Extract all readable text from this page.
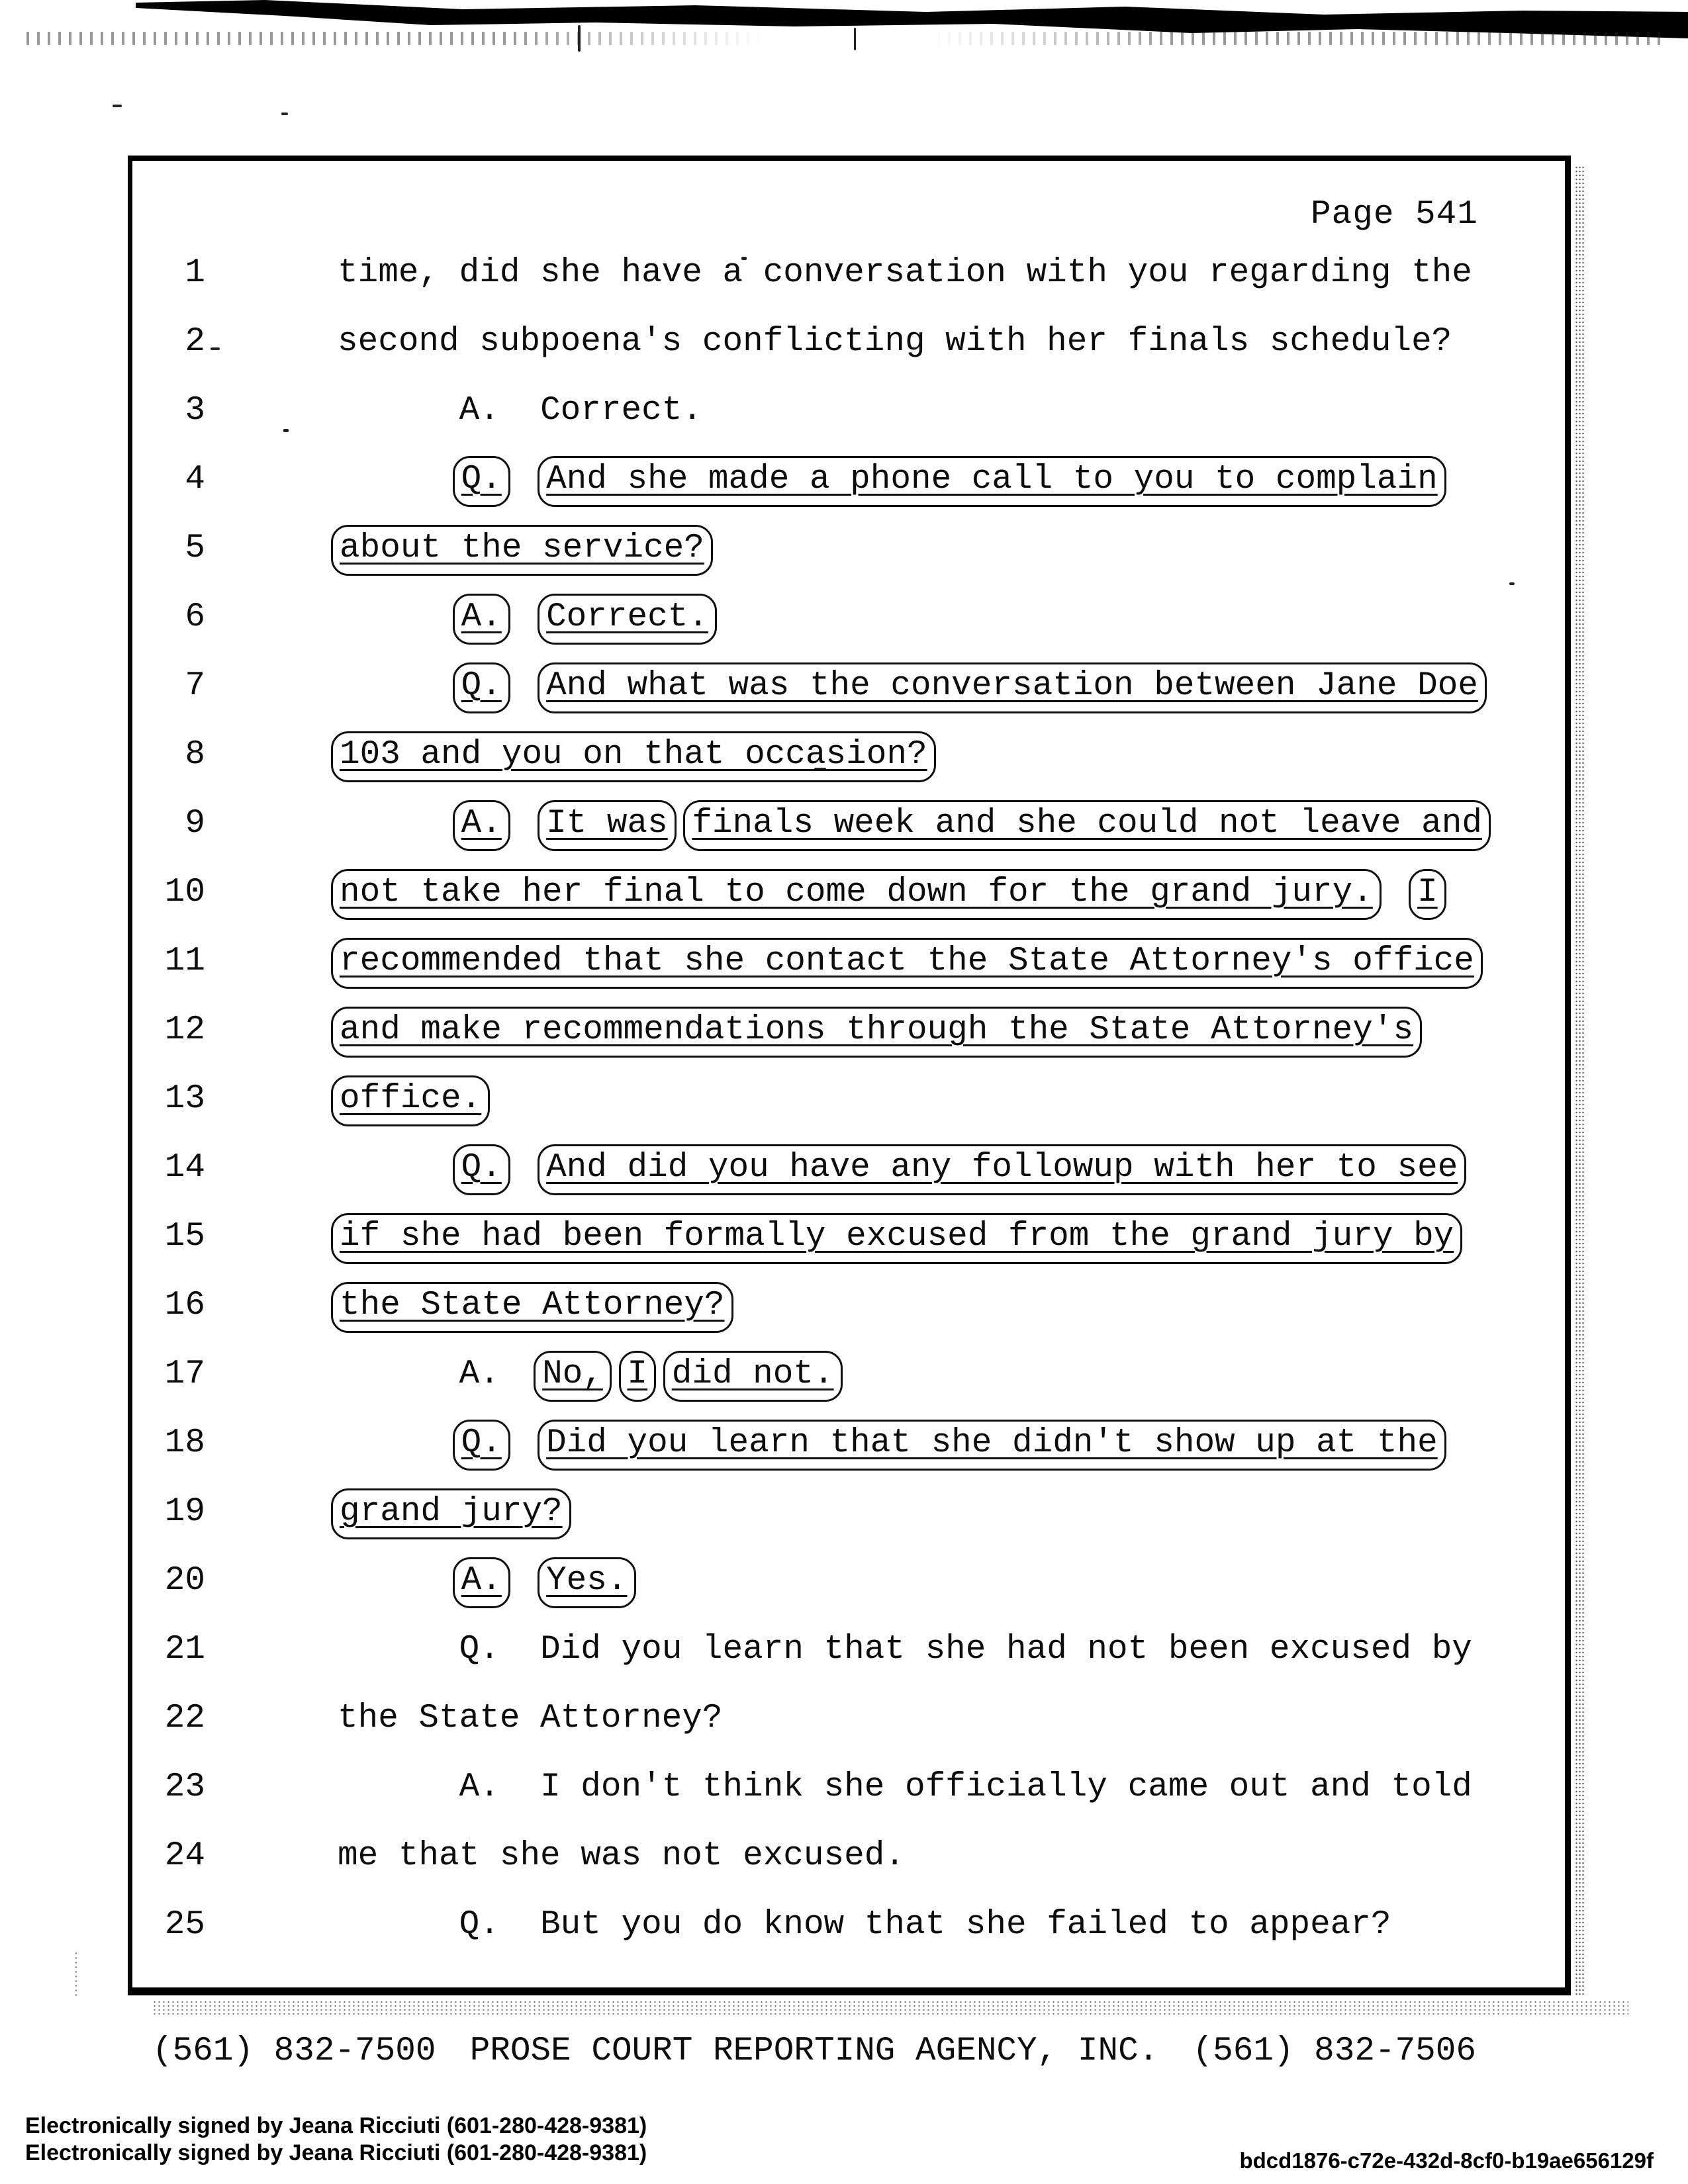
Page 541
1	time, did she have a conversation with you regarding the
2	second subpoena's conflicting with her finals schedule?
3	A. Correct.
4	Q. And she made a phone call to you to complain
5	about the service?
6	A. Correct.
7	Q. And what was the conversation between Jane Doe
8	103 and you on that occasion?
9	A. It was finals week and she could not leave and
10	not take her final to come down for the grand jury. I
11	recommended that she contact the State Attorney's office
12	and make recommendations through the State Attorney's
13	office.
14	Q. And did you have any followup with her to see
15	if she had been formally excused from the grand jury by
16	the State Attorney?
17	A. No, I did not.
18	Q. Did you learn that she didn't show up at the
19	grand jury?
20	A. Yes.
21	Q. Did you learn that she had not been excused by
22	the State Attorney?
23	A. I don't think she officially came out and told
24	me that she was not excused.
25	Q. But you do know that she failed to appear?
(561) 832-7500 PROSE COURT REPORTING AGENCY, INC. (561) 832-7506
Electronically signed by Jeana Ricciuti (601-280-428-9381)
Electronically signed by Jeana Ricciuti (601-280-428-9381)	bdcd1876-c72e-432d-8cf0-b19ae656129f
